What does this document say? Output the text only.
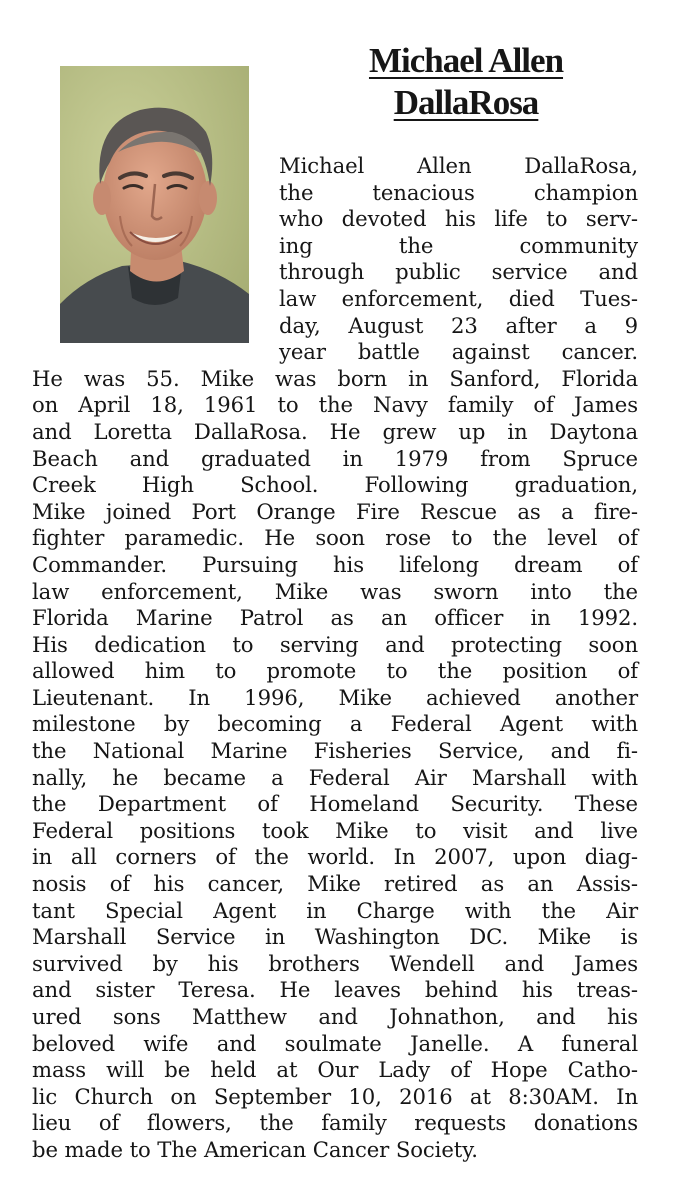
Michael Allen
DallaRosa
Michael Allen DallaRosa,
the tenacious champion
who devoted his life to serv-
ing the community
through public service and
law enforcement, died Tues-
day, August 23 after a 9
year battle against cancer.
He was 55. Mike was born in Sanford, Florida
on April 18, 1961 to the Navy family of James
and Loretta DallaRosa. He grew up in Daytona
Beach and graduated in 1979 from Spruce
Creek High School. Following graduation,
Mike joined Port Orange Fire Rescue as a fire-
fighter paramedic. He soon rose to the level of
Commander. Pursuing his lifelong dream of
law enforcement, Mike was sworn into the
Florida Marine Patrol as an officer in 1992.
His dedication to serving and protecting soon
allowed him to promote to the position of
Lieutenant. In 1996, Mike achieved another
milestone by becoming a Federal Agent with
the National Marine Fisheries Service, and fi-
nally, he became a Federal Air Marshall with
the Department of Homeland Security. These
Federal positions took Mike to visit and live
in all corners of the world. In 2007, upon diag-
nosis of his cancer, Mike retired as an Assis-
tant Special Agent in Charge with the Air
Marshall Service in Washington DC. Mike is
survived by his brothers Wendell and James
and sister Teresa. He leaves behind his treas-
ured sons Matthew and Johnathon, and his
beloved wife and soulmate Janelle. A funeral
mass will be held at Our Lady of Hope Catho-
lic Church on September 10, 2016 at 8:30AM. In
lieu of flowers, the family requests donations
be made to The American Cancer Society.
